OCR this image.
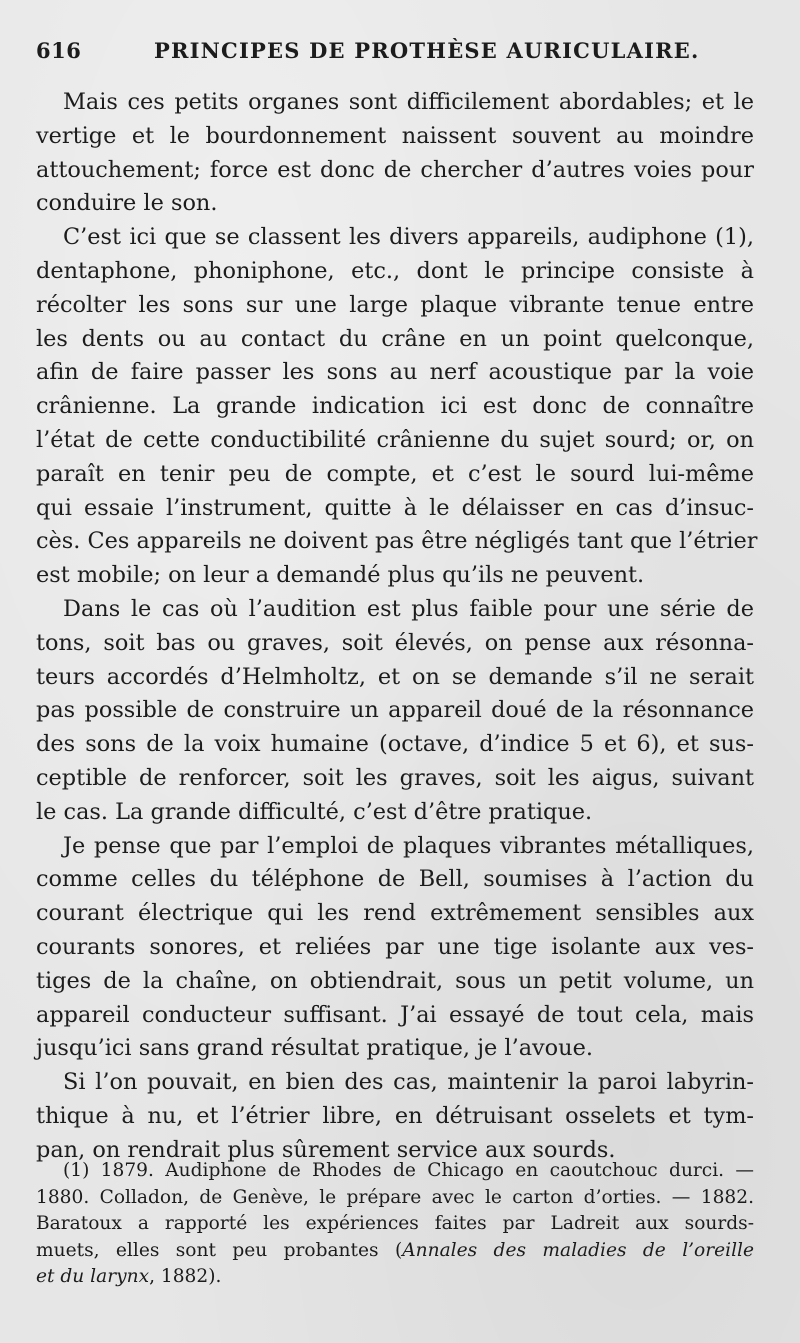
616	PRINCIPES DE PROTHÈSE AURICULAIRE.
Mais ces petits organes sont difficilement abordables; et le
vertige et le bourdonnement naissent souvent au moindre
attouchement; force est donc de chercher d’autres voies pour
conduire le son.
C’est ici que se classent les divers appareils, audiphone (1),
dentaphone, phoniphone, etc., dont le principe consiste à
récolter les sons sur une large plaque vibrante tenue entre
les dents ou au contact du crâne en un point quelconque,
afin de faire passer les sons au nerf acoustique par la voie
crânienne. La grande indication ici est donc de connaître
l’état de cette conductibilité crânienne du sujet sourd; or, on
paraît en tenir peu de compte, et c’est le sourd lui-même
qui essaie l’instrument, quitte à le délaisser en cas d’insuc-
cès. Ces appareils ne doivent pas être négligés tant que l’étrier
est mobile; on leur a demandé plus qu’ils ne peuvent.
Dans le cas où l’audition est plus faible pour une série de
tons, soit bas ou graves, soit élevés, on pense aux résonna-
teurs accordés d’Helmholtz, et on se demande s’il ne serait
pas possible de construire un appareil doué de la résonnance
des sons de la voix humaine (octave, d’indice 5 et 6), et sus-
ceptible de renforcer, soit les graves, soit les aigus, suivant
le cas. La grande difficulté, c’est d’être pratique.
Je pense que par l’emploi de plaques vibrantes métalliques,
comme celles du téléphone de Bell, soumises à l’action du
courant électrique qui les rend extrêmement sensibles aux
courants sonores, et reliées par une tige isolante aux ves-
tiges de la chaîne, on obtiendrait, sous un petit volume, un
appareil conducteur suffisant. J’ai essayé de tout cela, mais
jusqu’ici sans grand résultat pratique, je l’avoue.
Si l’on pouvait, en bien des cas, maintenir la paroi labyrin-
thique à nu, et l’étrier libre, en détruisant osselets et tym-
pan, on rendrait plus sûrement service aux sourds.
(1) 1879. Audiphone de Rhodes de Chicago en caoutchouc durci. —
1880. Colladon, de Genève, le prépare avec le carton d’orties. — 1882.
Baratoux a rapporté les expériences faites par Ladreit aux sourds-
muets, elles sont peu probantes (Annales des maladies de l’oreille
et du larynx, 1882).
